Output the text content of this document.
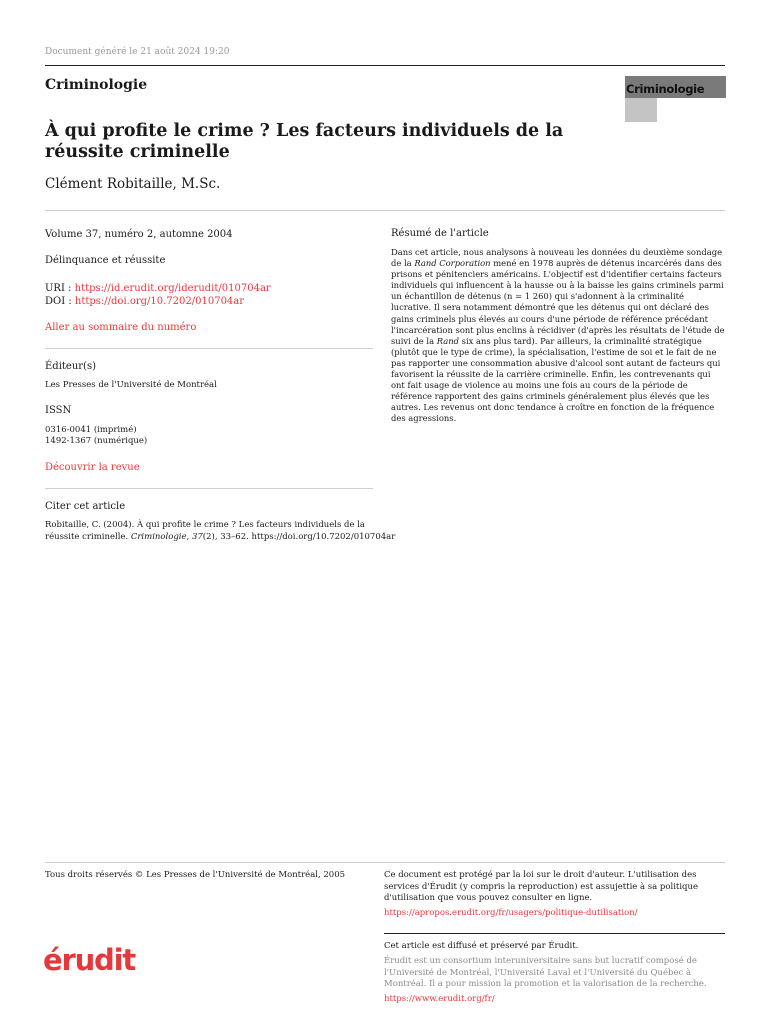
Document généré le 21 août 2024 19:20
Criminologie	Criminologie
À qui profite le crime ? Les facteurs individuels de la réussite criminelle
Clément Robitaille, M.Sc.
Volume 37, numéro 2, automne 2004
Délinquance et réussite
URI : https://id.erudit.org/iderudit/010704ar
DOI : https://doi.org/10.7202/010704ar
Aller au sommaire du numéro
Éditeur(s)
Les Presses de l'Université de Montréal
ISSN
0316-0041 (imprimé)
1492-1367 (numérique)
Découvrir la revue
Citer cet article
Robitaille, C. (2004). À qui profite le crime ? Les facteurs individuels de la
réussite criminelle. Criminologie, 37(2), 33–62. https://doi.org/10.7202/010704ar
Résumé de l'article
Dans cet article, nous analysons à nouveau les données du deuxième sondage de la Rand Corporation mené en 1978 auprès de détenus incarcérés dans des prisons et pénitenciers américains. L'objectif est d'identifier certains facteurs individuels qui influencent à la hausse ou à la baisse les gains criminels parmi un échantillon de détenus (n = 1 260) qui s'adonnent à la criminalité lucrative. Il sera notamment démontré que les détenus qui ont déclaré des gains criminels plus élevés au cours d'une période de référence précédant l'incarcération sont plus enclins à récidiver (d'après les résultats de l'étude de suivi de la Rand six ans plus tard). Par ailleurs, la criminalité stratégique (plutôt que le type de crime), la spécialisation, l'estime de soi et le fait de ne pas rapporter une consommation abusive d'alcool sont autant de facteurs qui favorisent la réussite de la carrière criminelle. Enfin, les contrevenants qui ont fait usage de violence au moins une fois au cours de la période de référence rapportent des gains criminels généralement plus élevés que les autres. Les revenus ont donc tendance à croître en fonction de la fréquence des agressions.
Tous droits réservés © Les Presses de l'Université de Montréal, 2005	Ce document est protégé par la loi sur le droit d'auteur. L'utilisation des services d'Érudit (y compris la reproduction) est assujettie à sa politique d'utilisation que vous pouvez consulter en ligne.
https://apropos.erudit.org/fr/usagers/politique-dutilisation/
érudit	Cet article est diffusé et préservé par Érudit.
Érudit est un consortium interuniversitaire sans but lucratif composé de l'Université de Montréal, l'Université Laval et l'Université du Québec à Montréal. Il a pour mission la promotion et la valorisation de la recherche.
https://www.erudit.org/fr/
